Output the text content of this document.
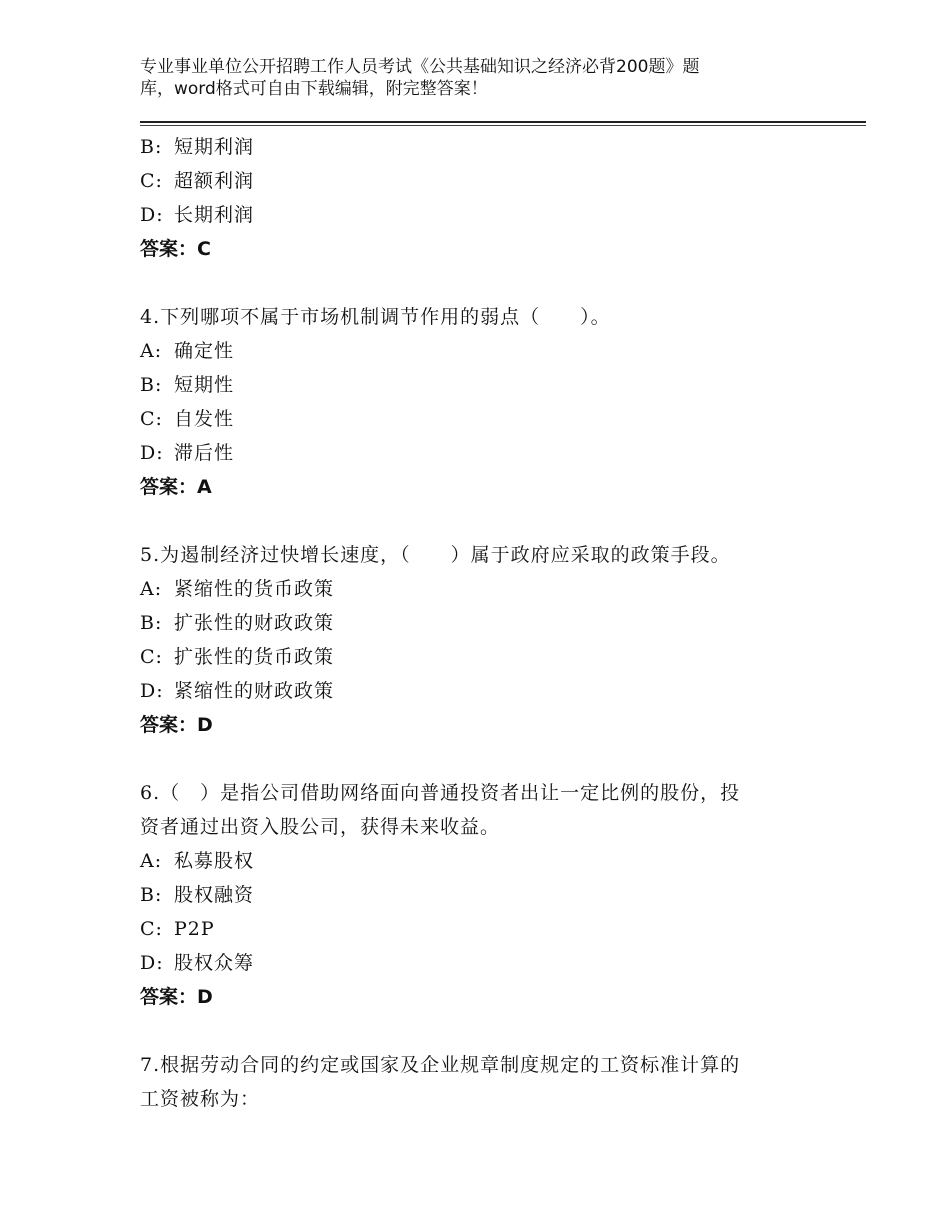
专业事业单位公开招聘工作人员考试《公共基础知识之经济必背200题》题
库，word格式可自由下载编辑，附完整答案！
B: 短期利润
C: 超额利润
D: 长期利润
答案：C
4.下列哪项不属于市场机制调节作用的弱点（　　）。
A: 确定性
B: 短期性
C: 自发性
D: 滞后性
答案：A
5.为遏制经济过快增长速度，（　　）属于政府应采取的政策手段。
A: 紧缩性的货币政策
B: 扩张性的财政政策
C: 扩张性的货币政策
D: 紧缩性的财政政策
答案：D
6.（　）是指公司借助网络面向普通投资者出让一定比例的股份，投
资者通过出资入股公司，获得未来收益。
A: 私募股权
B: 股权融资
C: P2P
D: 股权众筹
答案：D
7.根据劳动合同的约定或国家及企业规章制度规定的工资标准计算的
工资被称为：
